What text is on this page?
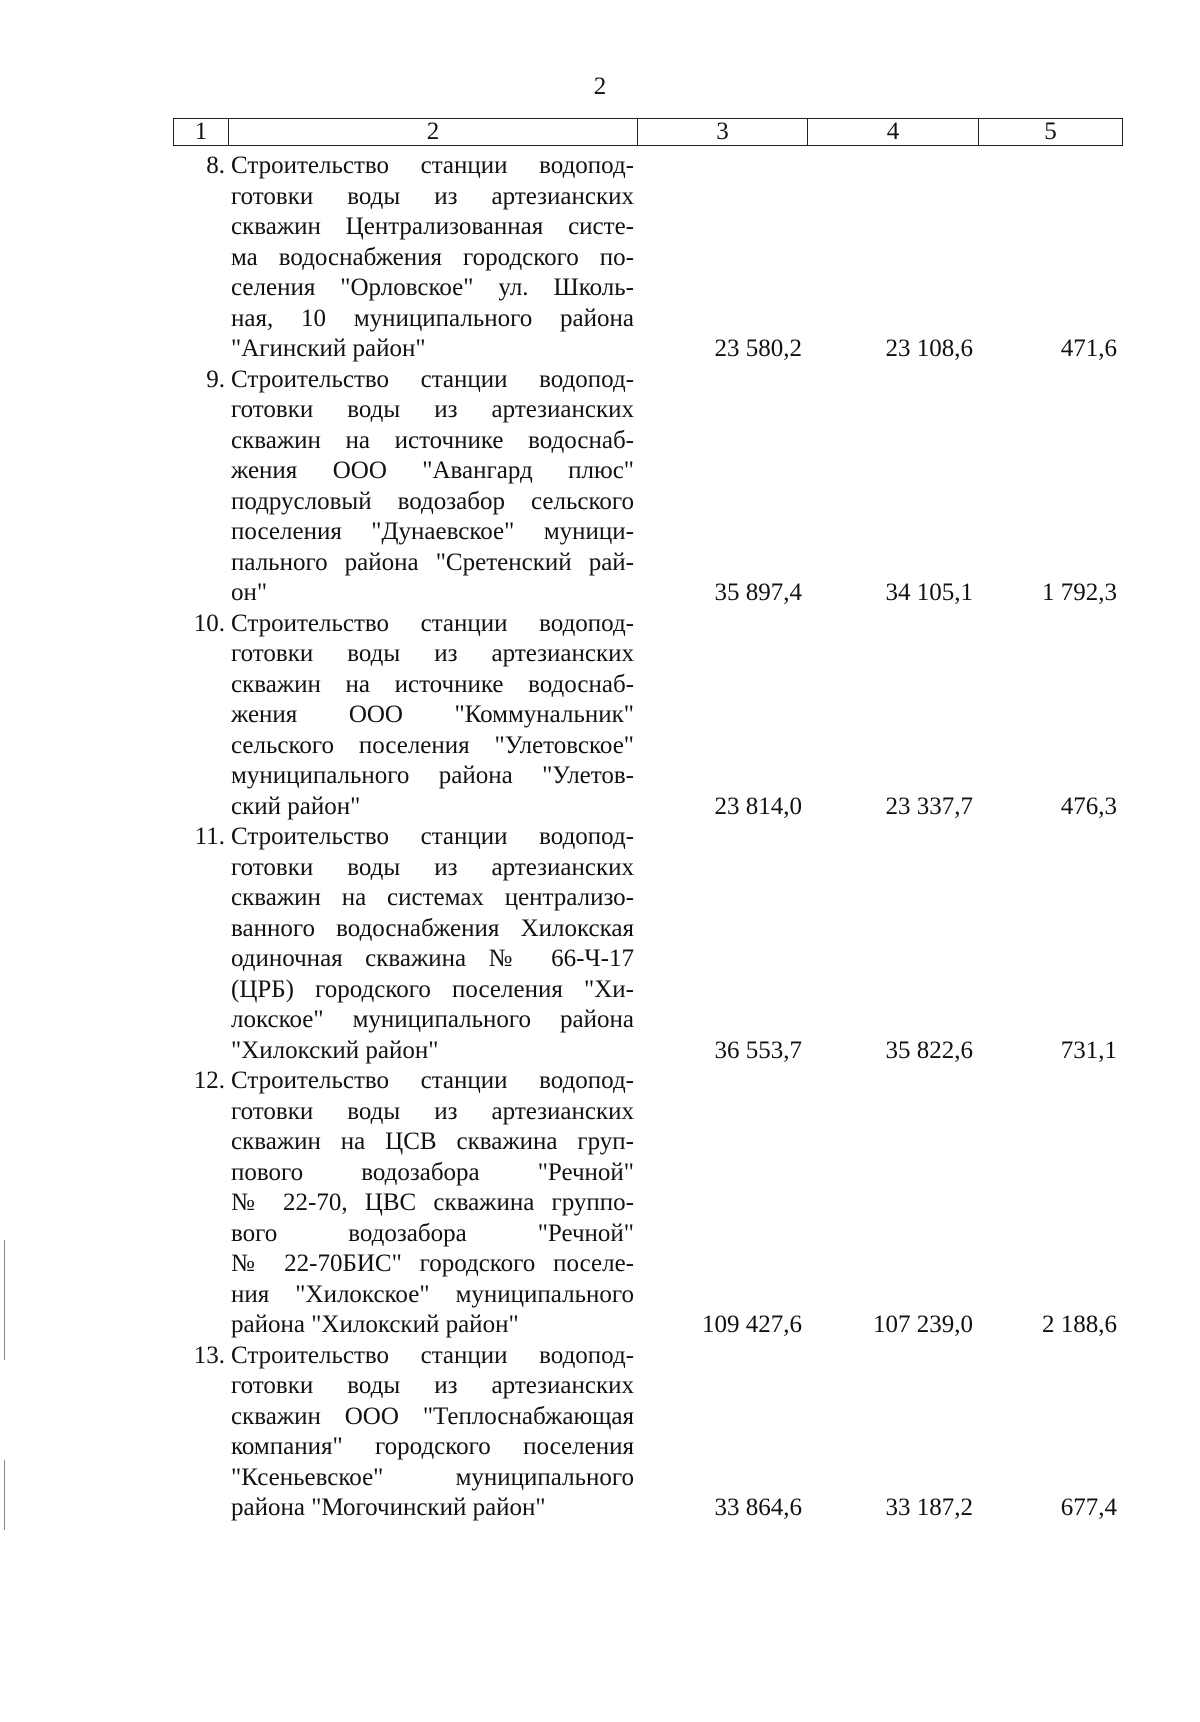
2
1	2	3	4	5
8. Строительство станции водопод-
готовки воды из артезианских
скважин Централизованная систе-
ма водоснабжения городского по-
селения "Орловское" ул. Школь-
ная, 10 муниципального района
"Агинский район"	23 580,2	23 108,6	471,6
9. Строительство станции водопод-
готовки воды из артезианских
скважин на источнике водоснаб-
жения ООО "Авангард плюс"
подрусловый водозабор сельского
поселения "Дунаевское" муници-
пального района "Сретенский рай-
он"	35 897,4	34 105,1	1 792,3
10. Строительство станции водопод-
готовки воды из артезианских
скважин на источнике водоснаб-
жения ООО "Коммунальник"
сельского поселения "Улетовское"
муниципального района "Улетов-
ский район"	23 814,0	23 337,7	476,3
11. Строительство станции водопод-
готовки воды из артезианских
скважин на системах централизо-
ванного водоснабжения Хилокская
одиночная скважина № 66-Ч-17
(ЦРБ) городского поселения "Хи-
локское" муниципального района
"Хилокский район"	36 553,7	35 822,6	731,1
12. Строительство станции водопод-
готовки воды из артезианских
скважин на ЦСВ скважина груп-
пового водозабора "Речной"
№ 22-70, ЦВС скважина группо-
вого водозабора "Речной"
№ 22-70БИС" городского поселе-
ния "Хилокское" муниципального
района "Хилокский район"	109 427,6	107 239,0	2 188,6
13. Строительство станции водопод-
готовки воды из артезианских
скважин ООО "Теплоснабжающая
компания" городского поселения
"Ксеньевское" муниципального
района "Могочинский район"	33 864,6	33 187,2	677,4
